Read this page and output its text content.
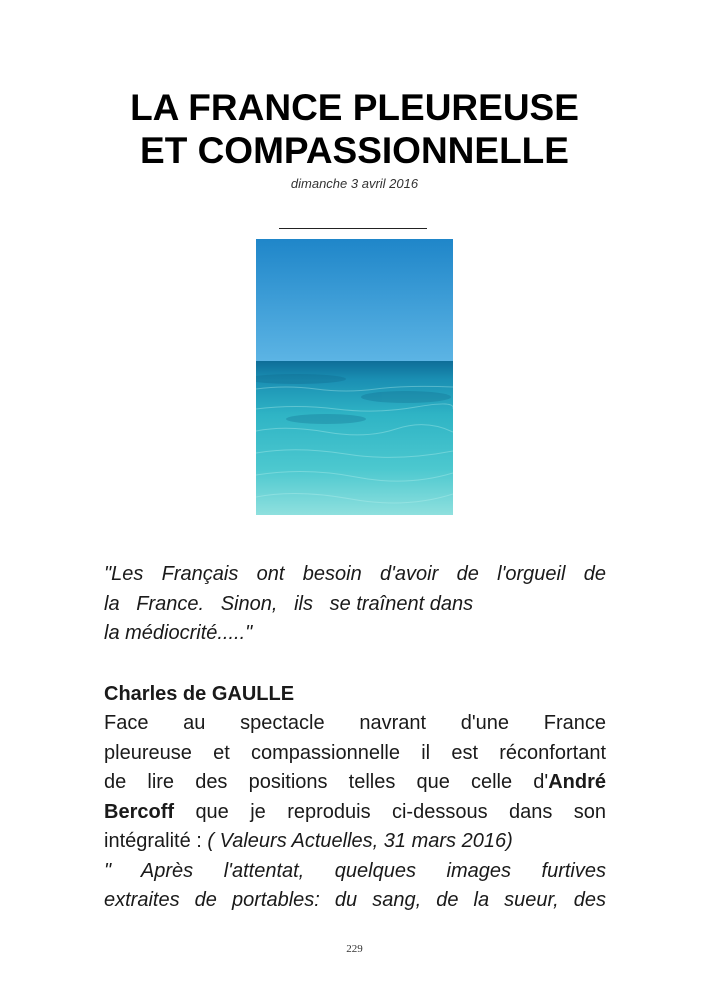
LA FRANCE PLEUREUSE
ET COMPASSIONNELLE
dimanche 3 avril 2016
"Les Français ont besoin d'avoir de l'orgueil de
la   France.   Sinon,   ils se traînent dans
la médiocrité....."
Charles de GAULLE
Face au spectacle navrant d'une France
pleureuse et compassionnelle il est réconfortant
de lire des positions telles que celle d'André
Bercoff que je reproduis ci-dessous dans son
intégralité : ( Valeurs Actuelles, 31 mars 2016)
" Après l'attentat, quelques images furtives
extraites de portables: du sang, de la sueur, des
229
